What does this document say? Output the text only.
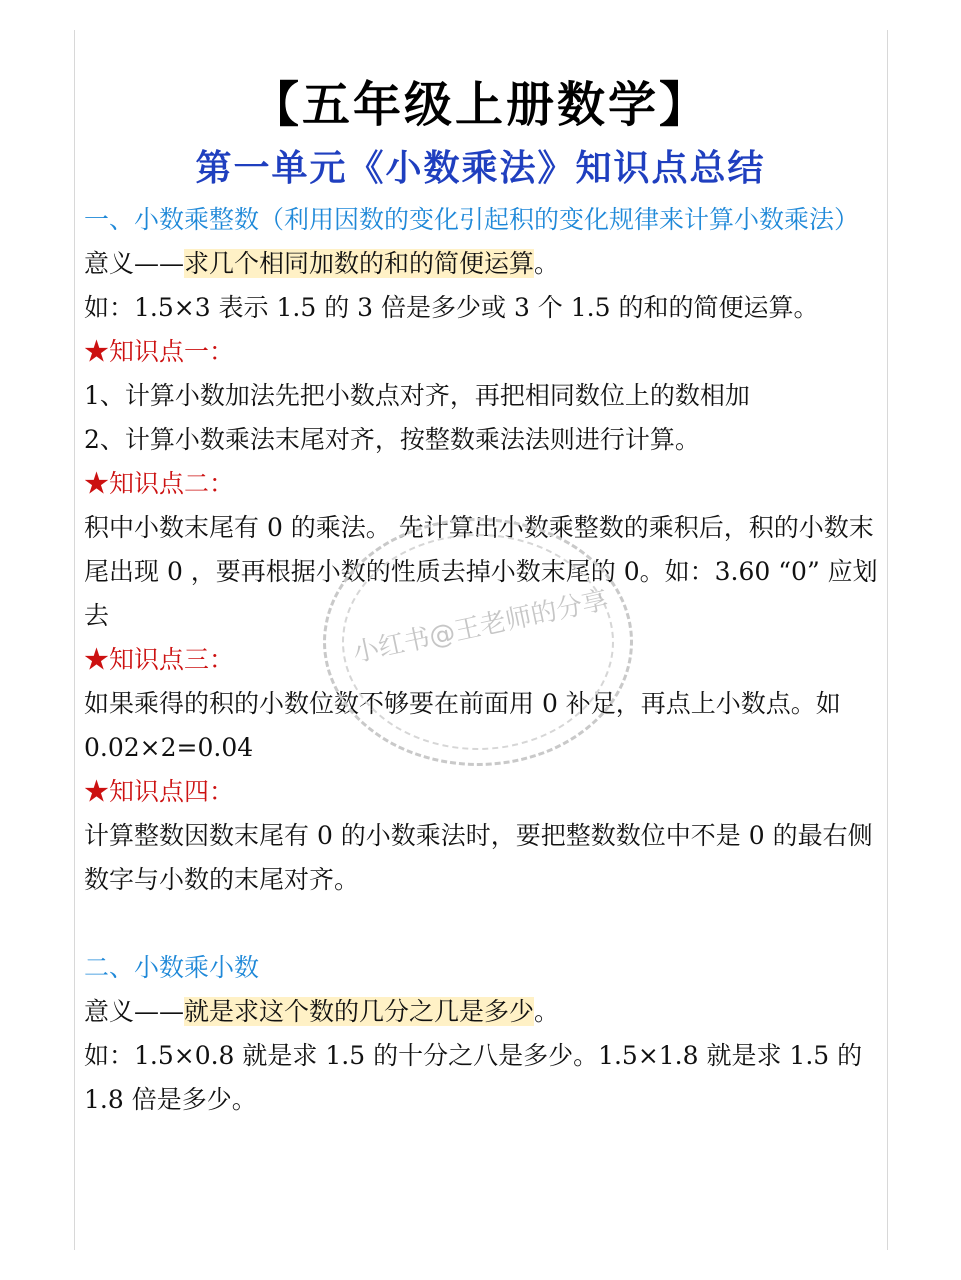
【五年级上册数学】
第一单元《小数乘法》知识点总结

一、小数乘整数（利用因数的变化引起积的变化规律来计算小数乘法）

意义——求几个相同加数的和的简便运算。

如：1.5×3 表示 1.5 的 3 倍是多少或 3 个 1.5 的和的简便运算。

★知识点一：

1、计算小数加法先把小数点对齐，再把相同数位上的数相加

2、计算小数乘法末尾对齐，按整数乘法法则进行计算。

★知识点二：

积中小数末尾有 0 的乘法。 先计算出小数乘整数的乘积后，积的小数末尾出现 0 ，要再根据小数的性质去掉小数末尾的 0。如：3.60 “0” 应划去

★知识点三：

如果乘得的积的小数位数不够要在前面用 0 补足，再点上小数点。如 0.02×2=0.04

★知识点四：

计算整数因数末尾有 0 的小数乘法时，要把整数数位中不是 0 的最右侧数字与小数的末尾对齐。

二、小数乘小数

意义——就是求这个数的几分之几是多少。

如：1.5×0.8 就是求 1.5 的十分之八是多少。1.5×1.8 就是求 1.5 的 1.8 倍是多少。

小红书@王老师的分享
